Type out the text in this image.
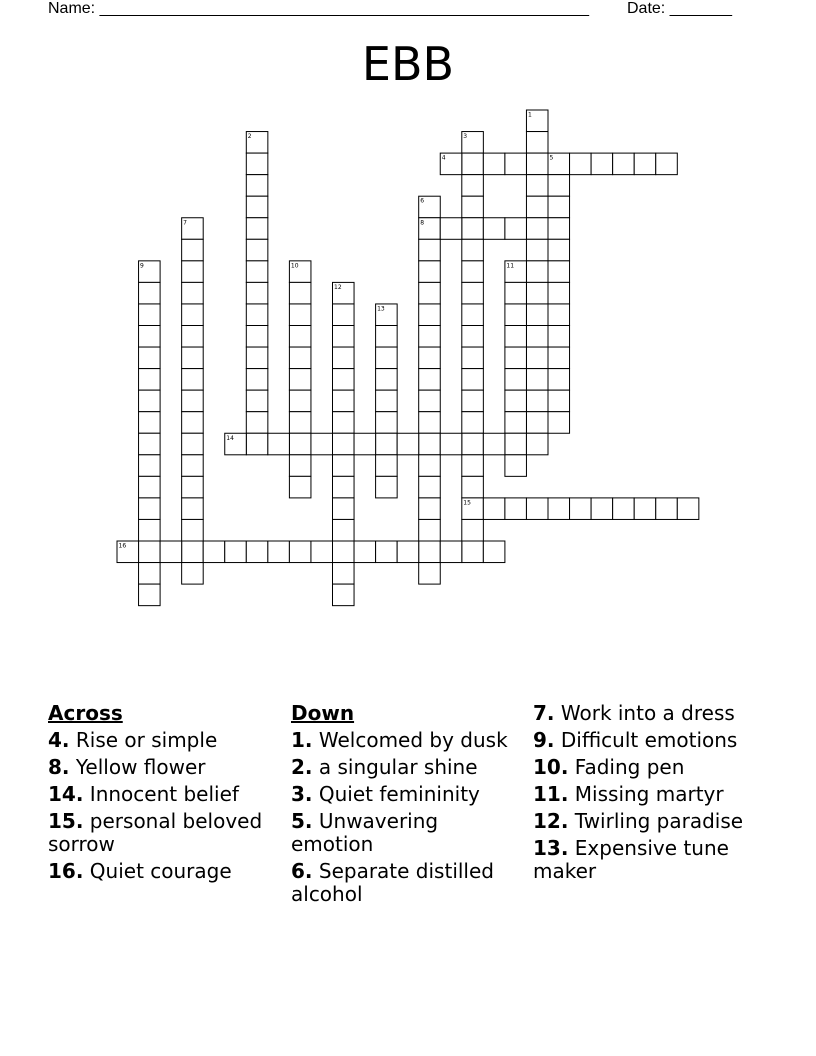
Name: _______________________________________________________ Date: _______
EBB
1
2	3
4	5
6
7	8
9	10	11
12
13
14
15
16
Across
4. Rise or simple
8. Yellow flower
14. Innocent belief
15. personal beloved sorrow
16. Quiet courage
Down
1. Welcomed by dusk
2. a singular shine
3. Quiet femininity
5. Unwavering emotion
6. Separate distilled alcohol
7. Work into a dress
9. Difficult emotions
10. Fading pen
11. Missing martyr
12. Twirling paradise
13. Expensive tune maker
